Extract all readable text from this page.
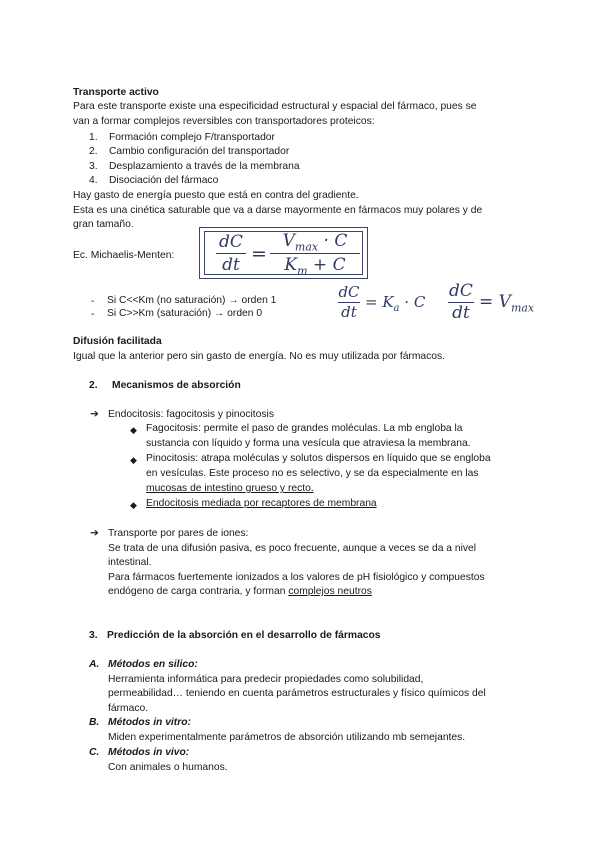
Transporte activo
Para este transporte existe una especificidad estructural y espacial del fármaco, pues se
van a formar complejos reversibles con transportadores proteicos:
1. Formación complejo F/transportador
2. Cambio configuración del transportador
3. Desplazamiento a través de la membrana
4. Disociación del fármaco
Hay gasto de energía puesto que está en contra del gradiente.
Esta es una cinética saturable que va a darse mayormente en fármacos muy polares y de
gran tamaño.
Ec. Michaelis-Menten:
dC
dt =
$V_{max} \cdot C$
$K_m + C$
- Si C<<Km (no saturación) → orden 1
- Si C>>Km (saturación) → orden 0
dC
dt
= $K_a \cdot C$
dC
dt
= $V_{max}$
Difusión facilitada
Igual que la anterior pero sin gasto de energía. No es muy utilizada por fármacos.
2. Mecanismos de absorción
➔ Endocitosis: fagocitosis y pinocitosis
◆ Fagocitosis: permite el paso de grandes moléculas. La mb engloba la
sustancia con líquido y forma una vesícula que atraviesa la membrana.
◆ Pinocitosis: atrapa moléculas y solutos dispersos en líquido que se engloba
en vesículas. Este proceso no es selectivo, y se da especialmente en las
mucosas de intestino grueso y recto.
◆ Endocitosis mediada por recaptores de membrana
➔ Transporte por pares de iones:
Se trata de una difusión pasiva, es poco frecuente, aunque a veces se da a nivel
intestinal.
Para fármacos fuertemente ionizados a los valores de pH fisiológico y compuestos
endógeno de carga contraria, y forman complejos neutros
3. Predicción de la absorción en el desarrollo de fármacos
A. Métodos en silico:
Herramienta informática para predecir propiedades como solubilidad,
permeabilidad… teniendo en cuenta parámetros estructurales y físico químicos del
fármaco.
B. Métodos in vitro:
Miden experimentalmente parámetros de absorción utilizando mb semejantes.
C. Métodos in vivo:
Con animales o humanos.
